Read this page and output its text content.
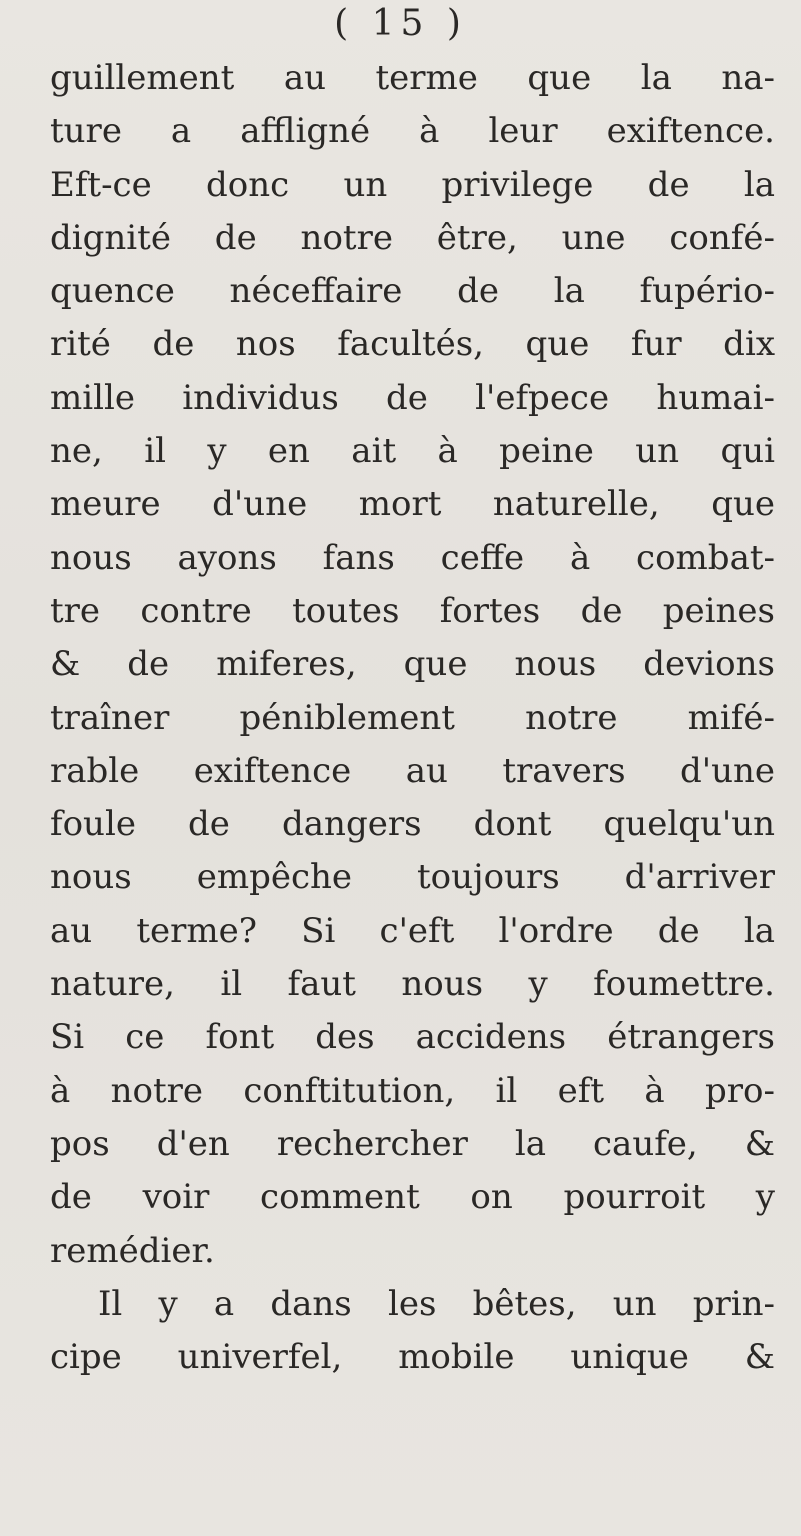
( 15 )
guillement au terme que la na-
ture a affligné à leur exiftence.
Eft-ce donc un privilege de la
dignité de notre être, une confé-
quence néceffaire de la fupério-
rité de nos facultés, que fur dix
mille individus de l'efpece humai-
ne, il y en ait à peine un qui
meure d'une mort naturelle, que
nous ayons fans ceffe à combat-
tre contre toutes fortes de peines
& de miferes, que nous devions
traîner péniblement notre mifé-
rable exiftence au travers d'une
foule de dangers dont quelqu'un
nous empêche toujours d'arriver
au terme? Si c'eft l'ordre de la
nature, il faut nous y foumettre.
Si ce font des accidens étrangers
à notre conftitution, il eft à pro-
pos d'en rechercher la caufe, &
de voir comment on pourroit y
remédier.
Il y a dans les bêtes, un prin-
cipe univerfel, mobile unique &
